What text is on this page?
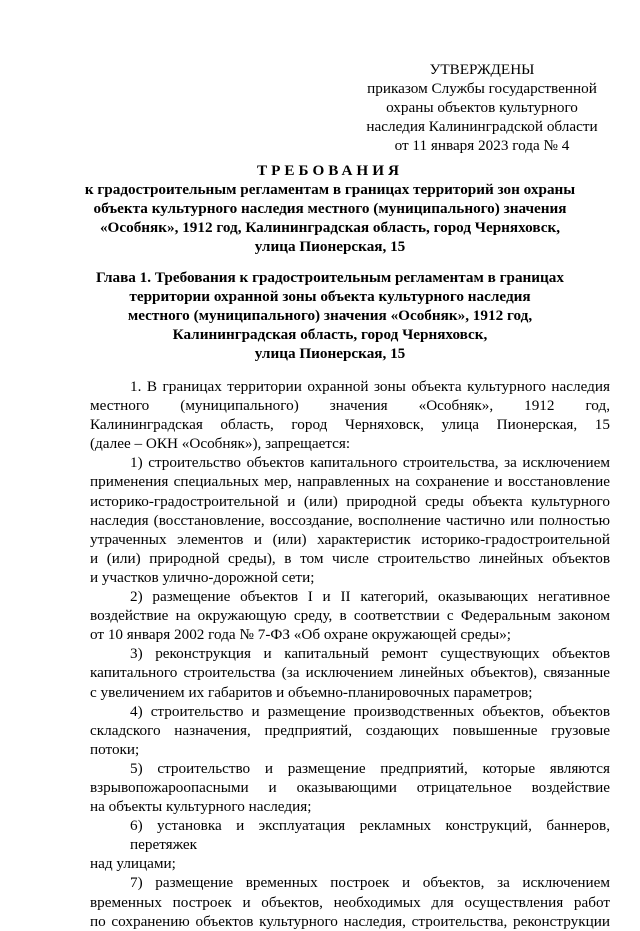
УТВЕРЖДЕНЫ
приказом Службы государственной
охраны объектов культурного
наследия Калининградской области
от 11 января 2023 года № 4
ТРЕБОВАНИЯ
к градостроительным регламентам в границах территорий зон охраны
объекта культурного наследия местного (муниципального) значения
«Особняк», 1912 год, Калининградская область, город Черняховск,
улица Пионерская, 15
Глава 1. Требования к градостроительным регламентам в границах
территории охранной зоны объекта культурного наследия
местного (муниципального) значения «Особняк», 1912 год,
Калининградская область, город Черняховск,
улица Пионерская, 15
1. В границах территории охранной зоны объекта культурного наследия
местного (муниципального) значения «Особняк», 1912 год,
Калининградская область, город Черняховск, улица Пионерская, 15
(далее – ОКН «Особняк»), запрещается:
1) строительство объектов капитального строительства, за исключением
применения специальных мер, направленных на сохранение и восстановление
историко-градостроительной и (или) природной среды объекта культурного
наследия (восстановление, воссоздание, восполнение частично или полностью
утраченных элементов и (или) характеристик историко-градостроительной
и (или) природной среды), в том числе строительство линейных объектов
и участков улично-дорожной сети;
2) размещение объектов I и II категорий, оказывающих негативное
воздействие на окружающую среду, в соответствии с Федеральным законом
от 10 января 2002 года № 7-ФЗ «Об охране окружающей среды»;
3) реконструкция и капитальный ремонт существующих объектов
капитального строительства (за исключением линейных объектов), связанные
с увеличением их габаритов и объемно-планировочных параметров;
4) строительство и размещение производственных объектов, объектов
складского назначения, предприятий, создающих повышенные грузовые потоки;
5) строительство и размещение предприятий, которые являются
взрывопожароопасными и оказывающими отрицательное воздействие
на объекты культурного наследия;
6) установка и эксплуатация рекламных конструкций, баннеров, перетяжек
над улицами;
7) размещение временных построек и объектов, за исключением
временных построек и объектов, необходимых для осуществления работ
по сохранению объектов культурного наследия, строительства, реконструкции
